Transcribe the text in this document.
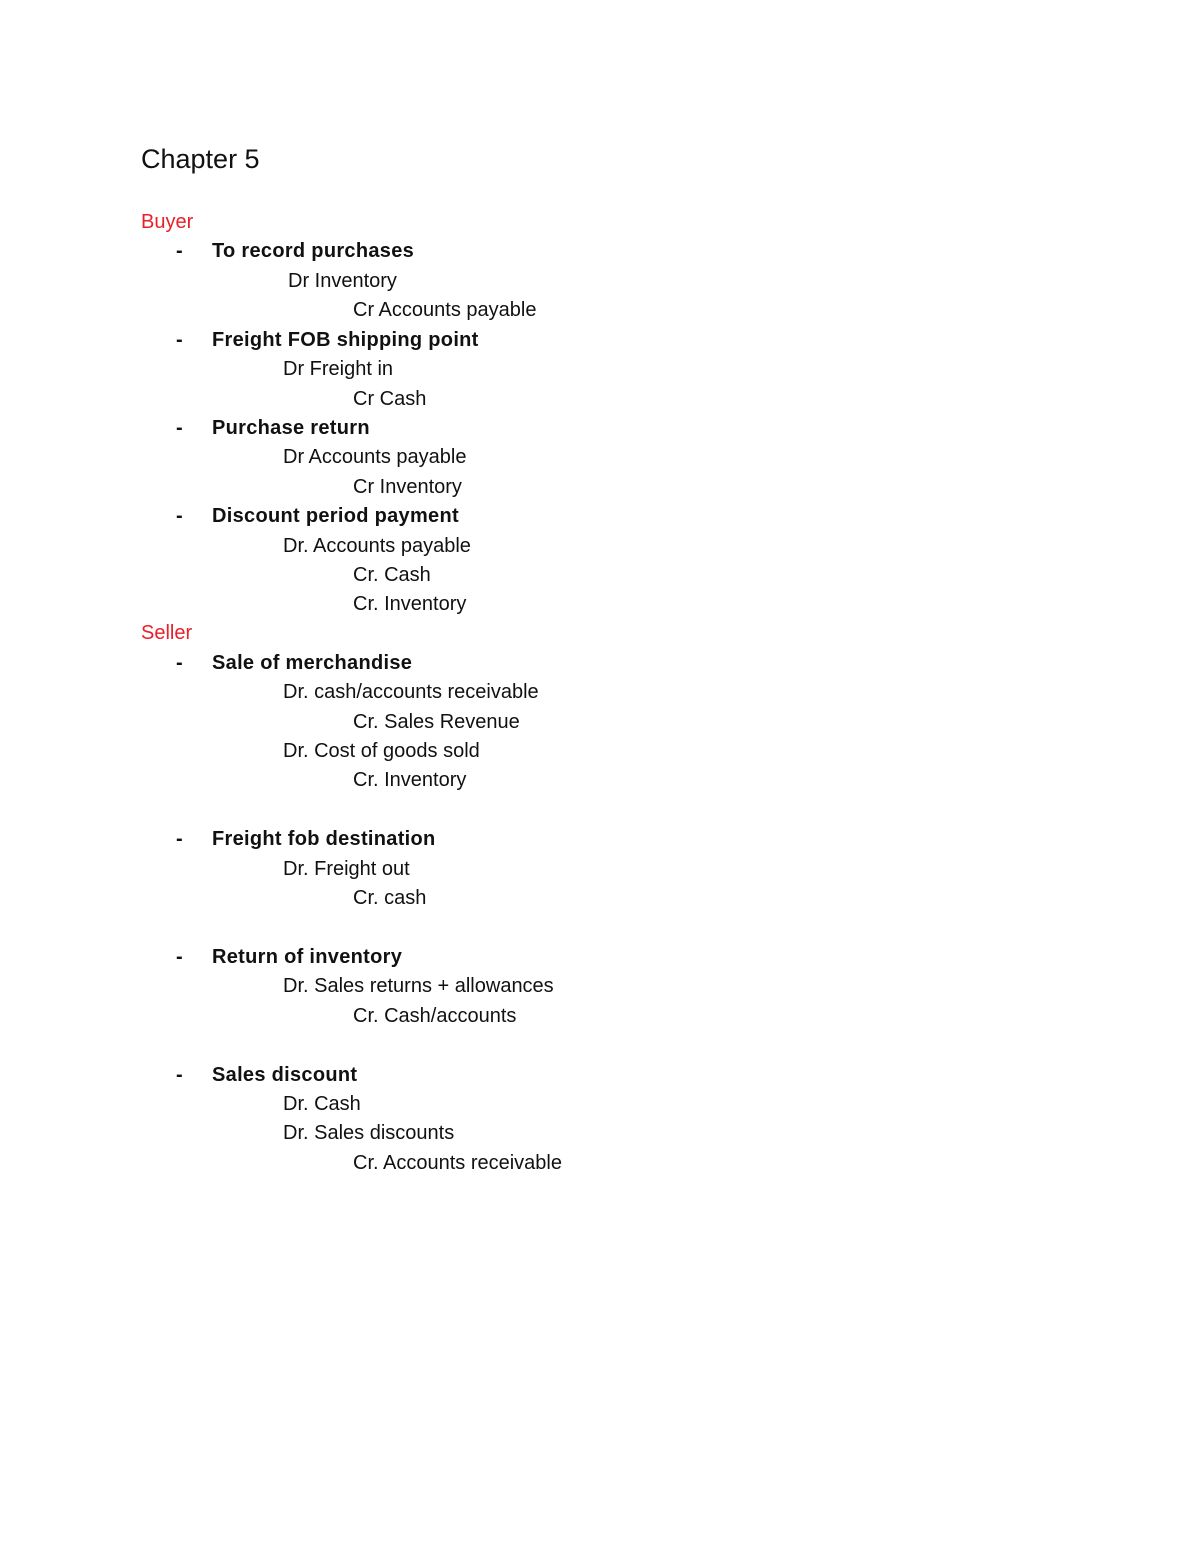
Chapter 5
Buyer
- To record purchases
Dr Inventory
Cr Accounts payable
- Freight FOB shipping point
Dr Freight in
Cr Cash
- Purchase return
Dr Accounts payable
Cr Inventory
- Discount period payment
Dr. Accounts payable
Cr. Cash
Cr. Inventory
Seller
- Sale of merchandise
Dr. cash/accounts receivable
Cr. Sales Revenue
Dr. Cost of goods sold
Cr. Inventory
- Freight fob destination
Dr. Freight out
Cr. cash
- Return of inventory
Dr. Sales returns + allowances
Cr. Cash/accounts
- Sales discount
Dr. Cash
Dr. Sales discounts
Cr. Accounts receivable
